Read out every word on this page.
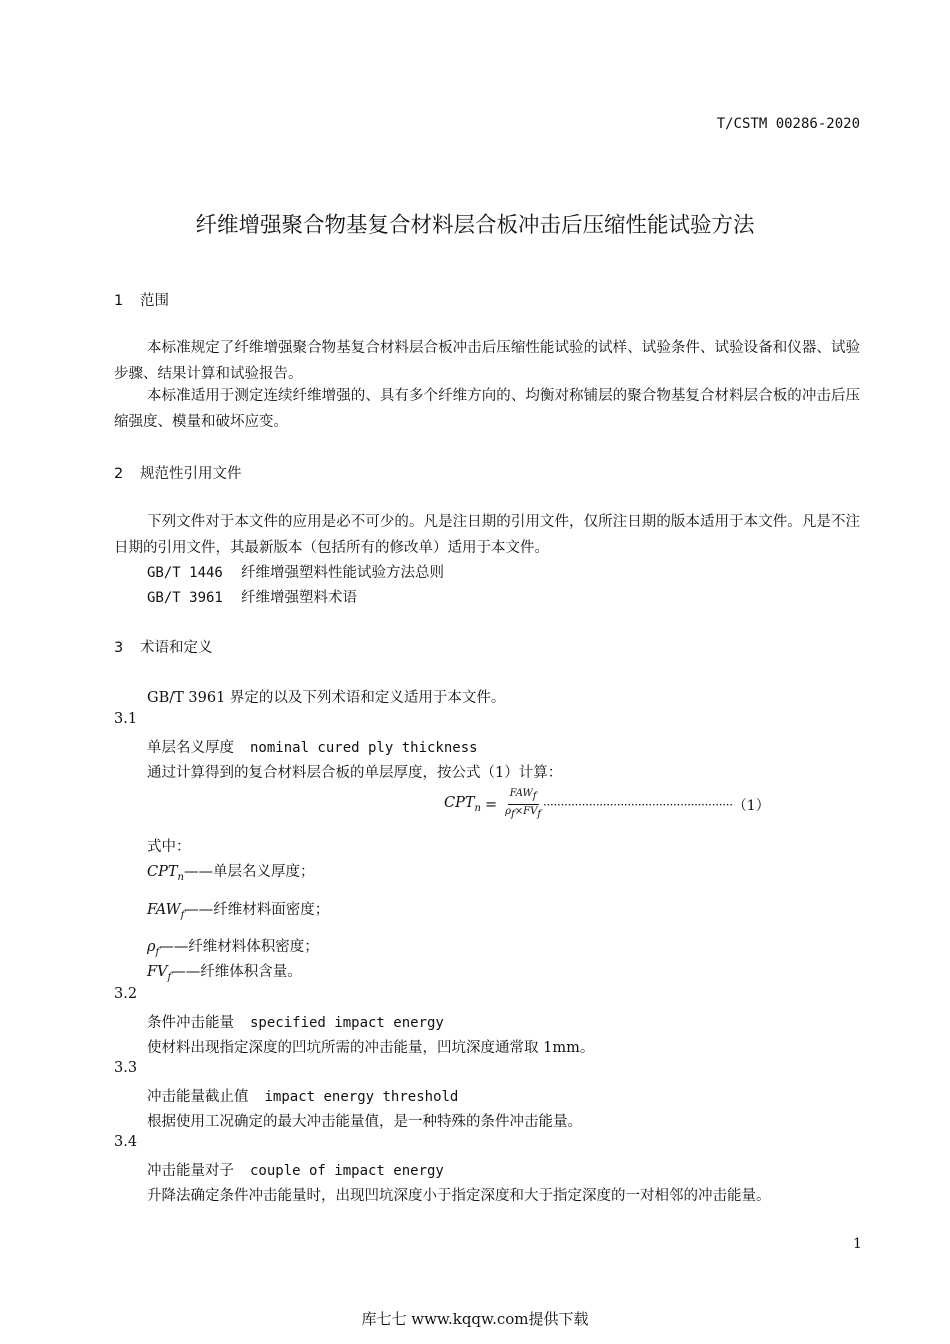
T/CSTM 00286-2020
纤维增强聚合物基复合材料层合板冲击后压缩性能试验方法
1 范围
本标准规定了纤维增强聚合物基复合材料层合板冲击后压缩性能试验的试样、试验条件、试验设备和仪器、试验步骤、结果计算和试验报告。
本标准适用于测定连续纤维增强的、具有多个纤维方向的、均衡对称铺层的聚合物基复合材料层合板的冲击后压缩强度、模量和破坏应变。
2 规范性引用文件
下列文件对于本文件的应用是必不可少的。凡是注日期的引用文件，仅所注日期的版本适用于本文件。凡是不注日期的引用文件，其最新版本（包括所有的修改单）适用于本文件。
GB/T 1446 纤维增强塑料性能试验方法总则
GB/T 3961 纤维增强塑料术语
3 术语和定义
GB/T 3961 界定的以及下列术语和定义适用于本文件。
3.1
单层名义厚度 nominal cured ply thickness
通过计算得到的复合材料层合板的单层厚度，按公式（1）计算：
$CPT_n = \frac{FAW_f}{\rho_f\times FV_f}$ ······················································ （1）
式中：
$CPT_n——$单层名义厚度；
$FAW_f——$纤维材料面密度；
$\rho_f——$纤维材料体积密度；
$FV_f——$纤维体积含量。
3.2
条件冲击能量 specified impact energy
使材料出现指定深度的凹坑所需的冲击能量，凹坑深度通常取 1mm。
3.3
冲击能量截止值 impact energy threshold
根据使用工况确定的最大冲击能量值，是一种特殊的条件冲击能量。
3.4
冲击能量对子 couple of impact energy
升降法确定条件冲击能量时，出现凹坑深度小于指定深度和大于指定深度的一对相邻的冲击能量。
1
库七七 www.kqqw.com提供下载
